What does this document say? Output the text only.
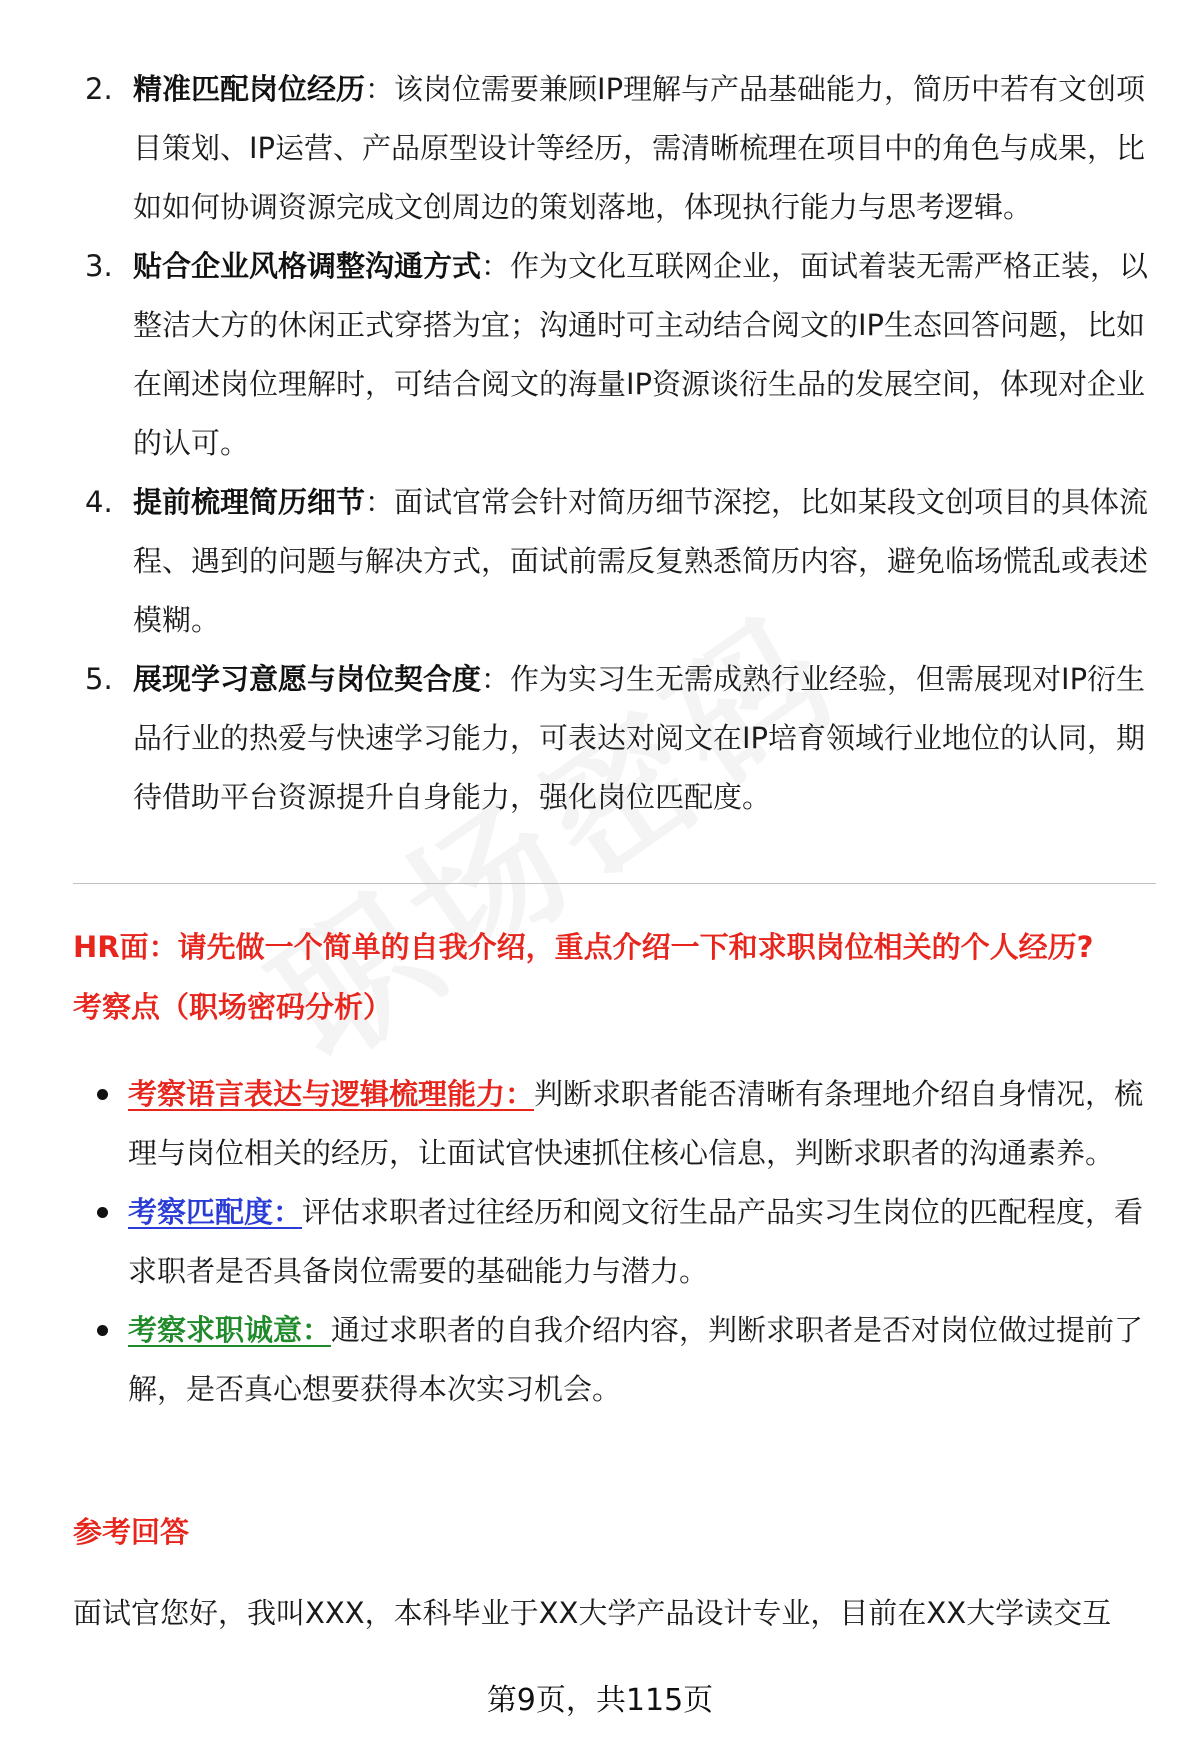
2. 精准匹配岗位经历：该岗位需要兼顾IP理解与产品基础能力，简历中若有文创项目策划、IP运营、产品原型设计等经历，需清晰梳理在项目中的角色与成果，比如如何协调资源完成文创周边的策划落地，体现执行能力与思考逻辑。
3. 贴合企业风格调整沟通方式：作为文化互联网企业，面试着装无需严格正装，以整洁大方的休闲正式穿搭为宜；沟通时可主动结合阅文的IP生态回答问题，比如在阐述岗位理解时，可结合阅文的海量IP资源谈衍生品的发展空间，体现对企业的认可。
4. 提前梳理简历细节：面试官常会针对简历细节深挖，比如某段文创项目的具体流程、遇到的问题与解决方式，面试前需反复熟悉简历内容，避免临场慌乱或表述模糊。
5. 展现学习意愿与岗位契合度：作为实习生无需成熟行业经验，但需展现对IP衍生品行业的热爱与快速学习能力，可表达对阅文在IP培育领域行业地位的认同，期待借助平台资源提升自身能力，强化岗位匹配度。
HR面：请先做一个简单的自我介绍，重点介绍一下和求职岗位相关的个人经历?
考察点（职场密码分析）
考察语言表达与逻辑梳理能力：判断求职者能否清晰有条理地介绍自身情况，梳理与岗位相关的经历，让面试官快速抓住核心信息，判断求职者的沟通素养。
考察匹配度：评估求职者过往经历和阅文衍生品产品实习生岗位的匹配程度，看求职者是否具备岗位需要的基础能力与潜力。
考察求职诚意：通过求职者的自我介绍内容，判断求职者是否对岗位做过提前了解，是否真心想要获得本次实习机会。
参考回答
面试官您好，我叫XXX，本科毕业于XX大学产品设计专业，目前在XX大学读交互
第9页，共115页
